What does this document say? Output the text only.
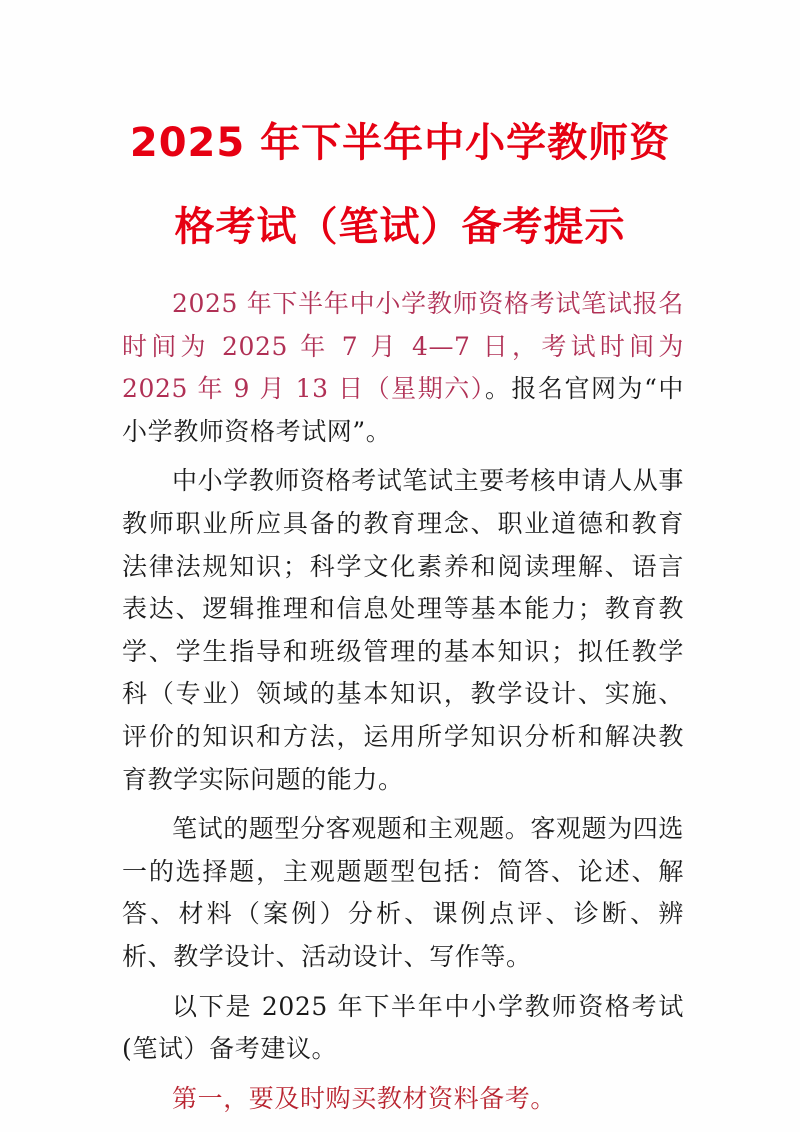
2025 年下半年中小学教师资
格考试（笔试）备考提示

2025 年下半年中小学教师资格考试笔试报名时间为 2025 年 7 月 4—7 日，考试时间为 2025 年 9 月 13 日（星期六）。报名官网为“中小学教师资格考试网”。

中小学教师资格考试笔试主要考核申请人从事教师职业所应具备的教育理念、职业道德和教育法律法规知识；科学文化素养和阅读理解、语言表达、逻辑推理和信息处理等基本能力；教育教学、学生指导和班级管理的基本知识；拟任教学科（专业）领域的基本知识，教学设计、实施、评价的知识和方法，运用所学知识分析和解决教育教学实际问题的能力。

笔试的题型分客观题和主观题。客观题为四选一的选择题，主观题题型包括：简答、论述、解答、材料（案例）分析、课例点评、诊断、辨析、教学设计、活动设计、写作等。

以下是 2025 年下半年中小学教师资格考试(笔试）备考建议。

第一，要及时购买教材资料备考。
